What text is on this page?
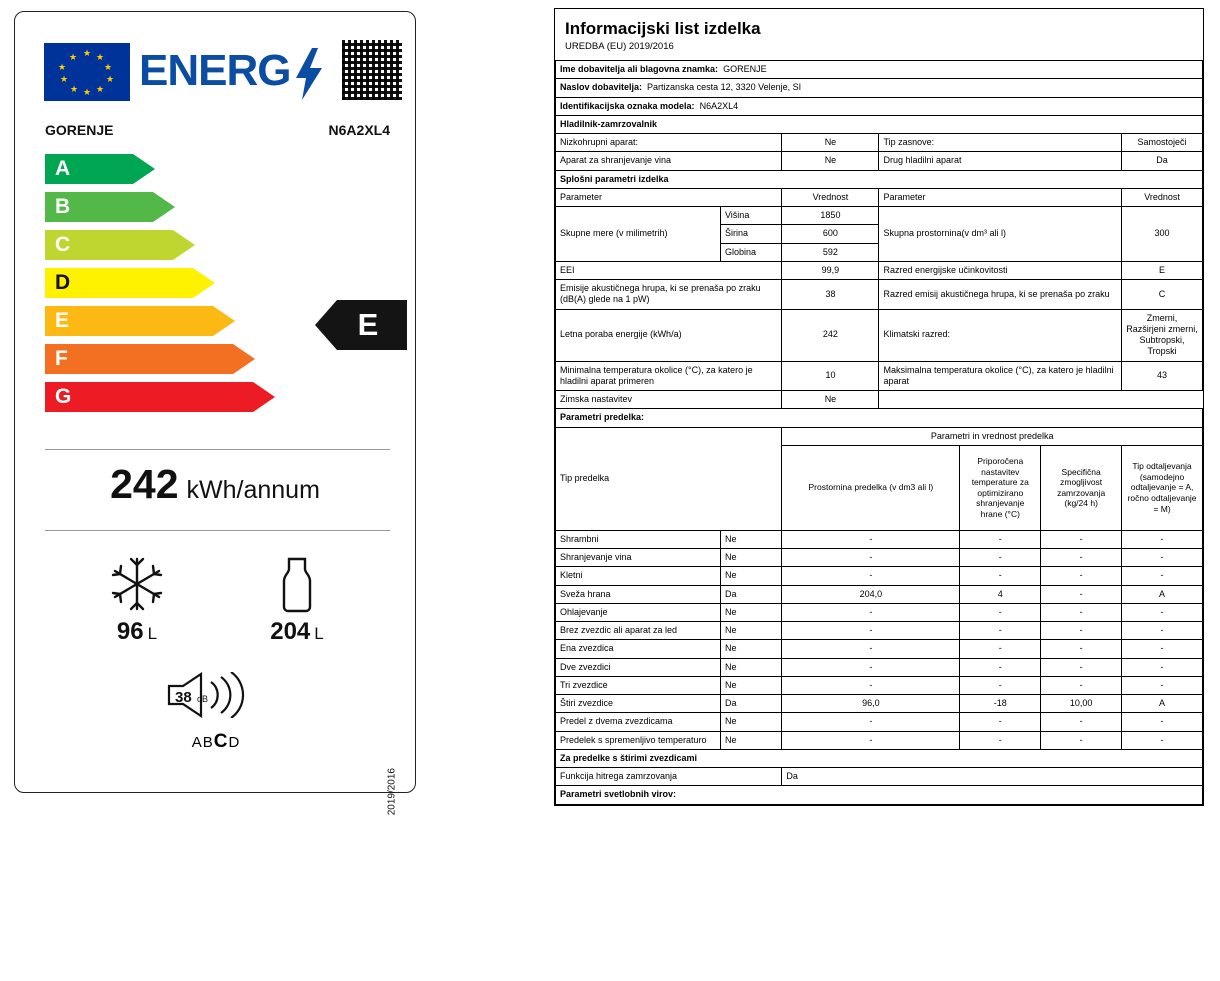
★ ★
★
★
★
★
★
★
★
★ ENERG
GORENJE	N6A2XL4
A
B
C
D
E
F
G
E
242 kWh/annum
96 L	204 L
38 dB
ABCD
2019/2016
Informacijski list izdelka
UREDBA (EU) 2019/2016
Ime dobavitelja ali blagovna znamka: GORENJE						
Naslov dobavitelja: Partizanska cesta 12, 3320 Velenje, SI						
Identifikacijska oznaka modela: N6A2XL4						
Hladilnik-zamrzovalnik						
Nizkohrupni aparat:		Ne	Tip zasnove:			Samostoječi
Aparat za shranjevanje vina		Ne	Drug hladilni aparat			Da
Splošni parametri izdelka						
Parameter		Vrednost	Parameter			Vrednost
Skupne mere (v milimetrih)	Višina	1850	Skupna prostornina(v dm³ ali l)			300
	Širina	600				
	Globina	592				
EEI		99,9	Razred energijske učinkovitosti			E
Emisije akustičnega hrupa, ki se prenaša po zraku (dB(A) glede na 1 pW)		38	Razred emisij akustičnega hrupa, ki se prenaša po zraku			C
Letna poraba energije (kWh/a)		242	Klimatski razred:			Zmerni, Razširjeni zmerni, Subtropski, Tropski
Minimalna temperatura okolice (°C), za katero je hladilni aparat primeren		10	Maksimalna temperatura okolice (°C), za katero je hladilni aparat			43
Zimska nastavitev		Ne				
Parametri predelka:						
Tip predelka		Parametri in vrednost predelka				
		Prostornina predelka (v dm3 ali l)		Priporočena nastavitev temperature za optimizirano shranjevanje hrane (°C)	Specifična zmogljivost zamrzovanja (kg/24 h)	Tip odtaljevanja (samodejno odtaljevanje = A, ročno odtaljevanje = M)
Shrambni	Ne	-		-	-	-
Shranjevanje vina	Ne	-		-	-	-
Kletni	Ne	-		-	-	-
Sveža hrana	Da	204,0		4	-	A
Ohlajevanje	Ne	-		-	-	-
Brez zvezdic ali aparat za led	Ne	-		-	-	-
Ena zvezdica	Ne	-		-	-	-
Dve zvezdici	Ne	-		-	-	-
Tri zvezdice	Ne	-		-	-	-
Štiri zvezdice	Da	96,0		-18	10,00	A
Predel z dvema zvezdicama	Ne	-		-	-	-
Predelek s spremenljivo temperaturo	Ne	-		-	-	-
Za predelke s štirimi zvezdicami						
Funkcija hitrega zamrzovanja		Da				
Parametri svetlobnih virov:						
